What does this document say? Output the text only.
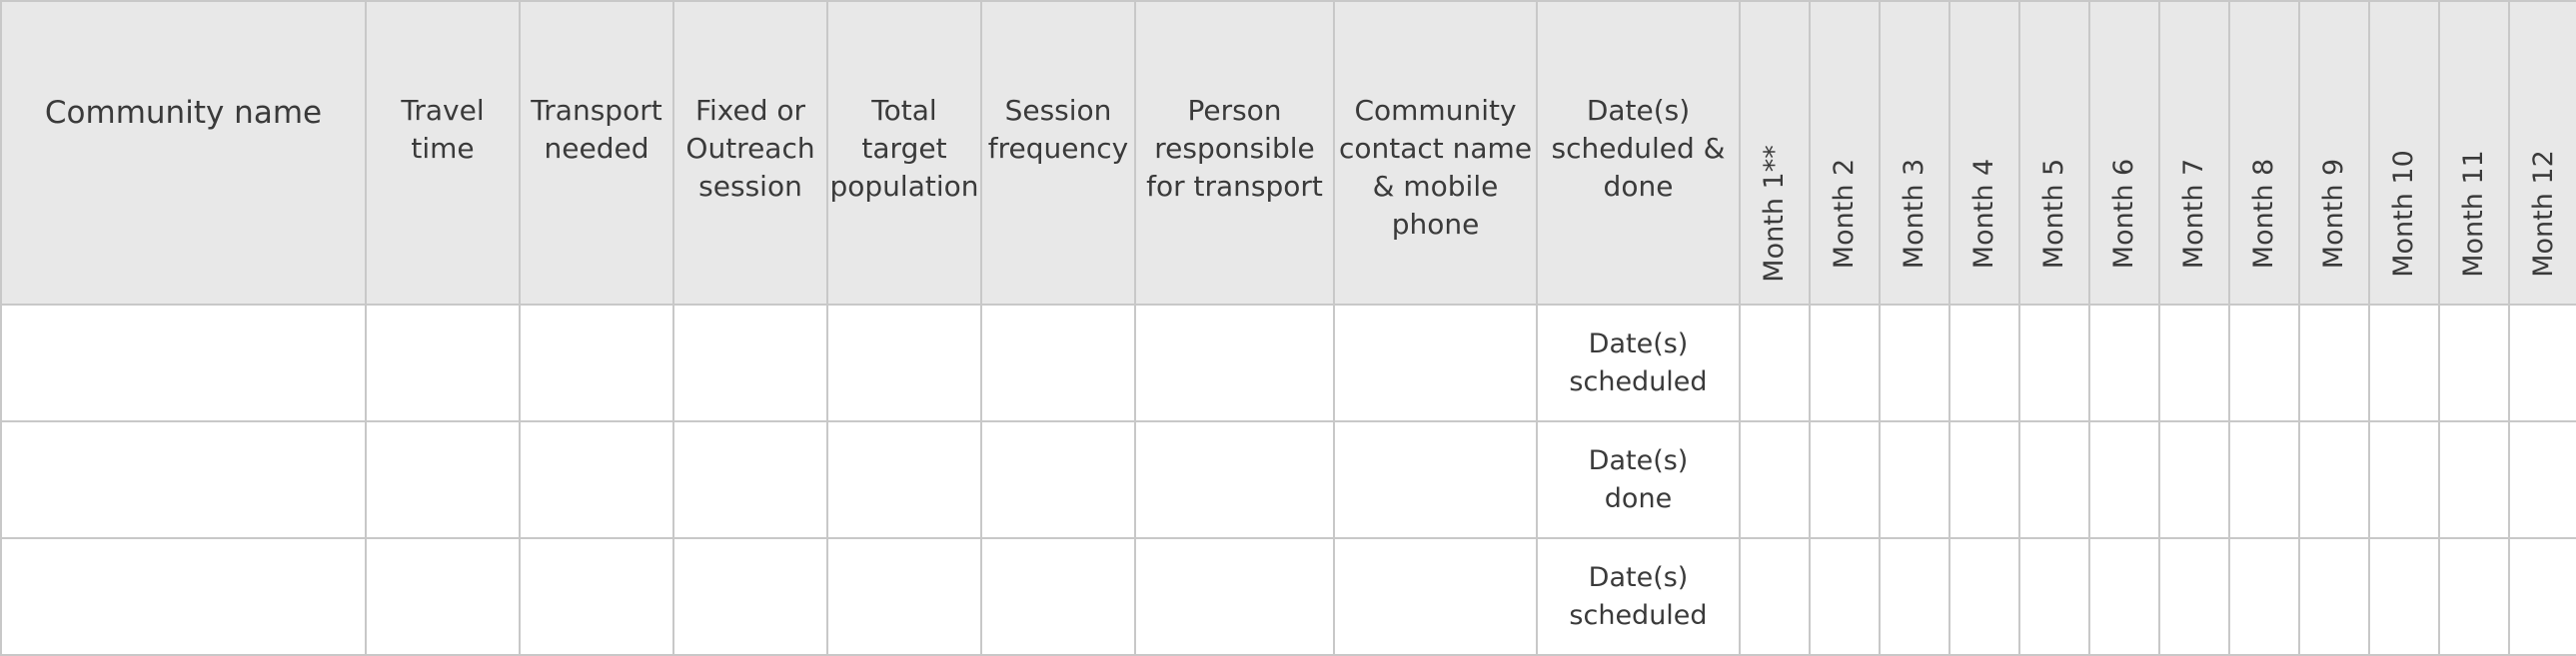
Community name	Travel time	Transport needed	Fixed or Outreach session	Total target population	Session frequency	Person responsible for transport	Community contact name & mobile phone	Date(s) scheduled & done	Month 1**	Month 2	Month 3	Month 4	Month 5	Month 6	Month 7	Month 8	Month 9	Month 10	Month 11	Month 12

								Date(s)
scheduled												
								Date(s)
done												
								Date(s)
scheduled												
